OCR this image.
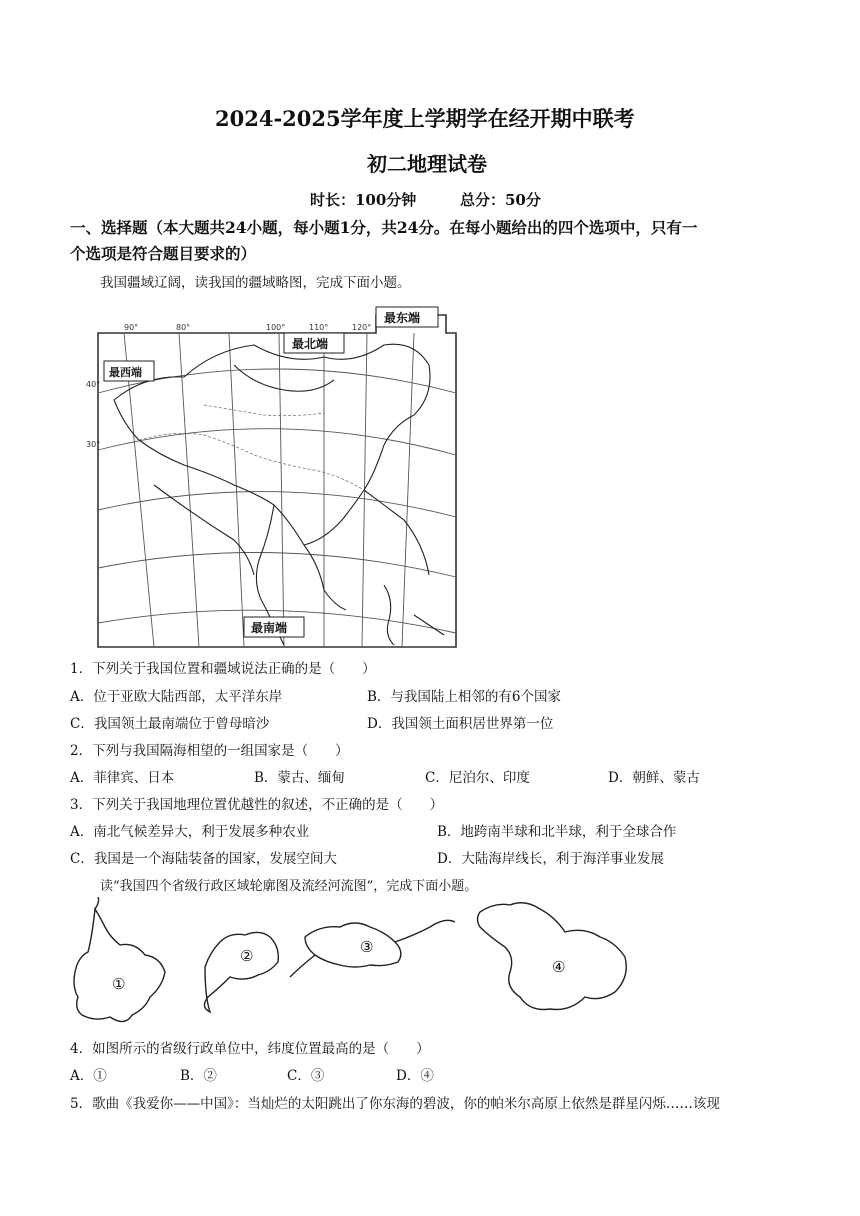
2024-2025学年度上学期学在经开期中联考
初二地理试卷
时长：100分钟	总分：50分
一、选择题（本大题共24小题，每小题1分，共24分。在每小题给出的四个选项中，只有一
个选项是符合题目要求的）
我国疆域辽阔，读我国的疆域略图，完成下面小题。
90°	80°	100°	110°	120°
40°
30°
最北端
最东端
最西端
最南端
1．下列关于我国位置和疆域说法正确的是（　　）
A．位于亚欧大陆西部，太平洋东岸	B．与我国陆上相邻的有6个国家
C．我国领土最南端位于曾母暗沙	D．我国领土面积居世界第一位
2．下列与我国隔海相望的一组国家是（　　）
A．菲律宾、日本	B．蒙古、缅甸	C．尼泊尔、印度	D．朝鲜、蒙古
3．下列关于我国地理位置优越性的叙述，不正确的是（　　）
A．南北气候差异大，利于发展多种农业	B．地跨南半球和北半球，利于全球合作
C．我国是一个海陆装备的国家，发展空间大	D．大陆海岸线长，利于海洋事业发展
读“我国四个省级行政区域轮廓图及流经河流图”，完成下面小题。
①
②	③
④
4．如图所示的省级行政单位中，纬度位置最高的是（　　）
A．①	B．②	C．③	D．④
5．歌曲《我爱你——中国》：当灿烂的太阳跳出了你东海的碧波，你的帕米尔高原上依然是群星闪烁……该现
